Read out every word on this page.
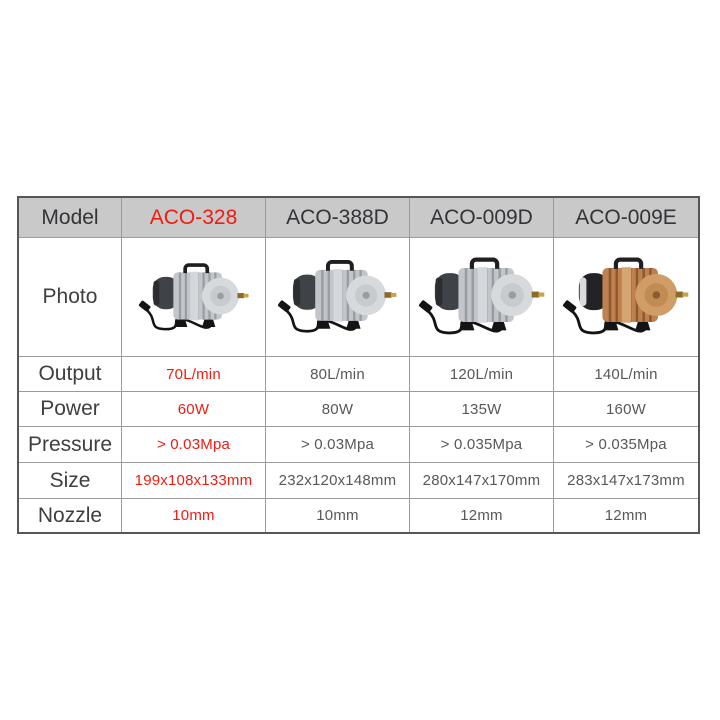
Model	ACO-328	ACO-388D	ACO-009D	ACO-009E
Photo
Output	70L/min	80L/min	120L/min	140L/min
Power	60W	80W	135W	160W
Pressure	> 0.03Mpa	> 0.03Mpa	> 0.035Mpa	> 0.035Mpa
Size	199x108x133mm	232x120x148mm	280x147x170mm	283x147x173mm
Nozzle	10mm	10mm	12mm	12mm
